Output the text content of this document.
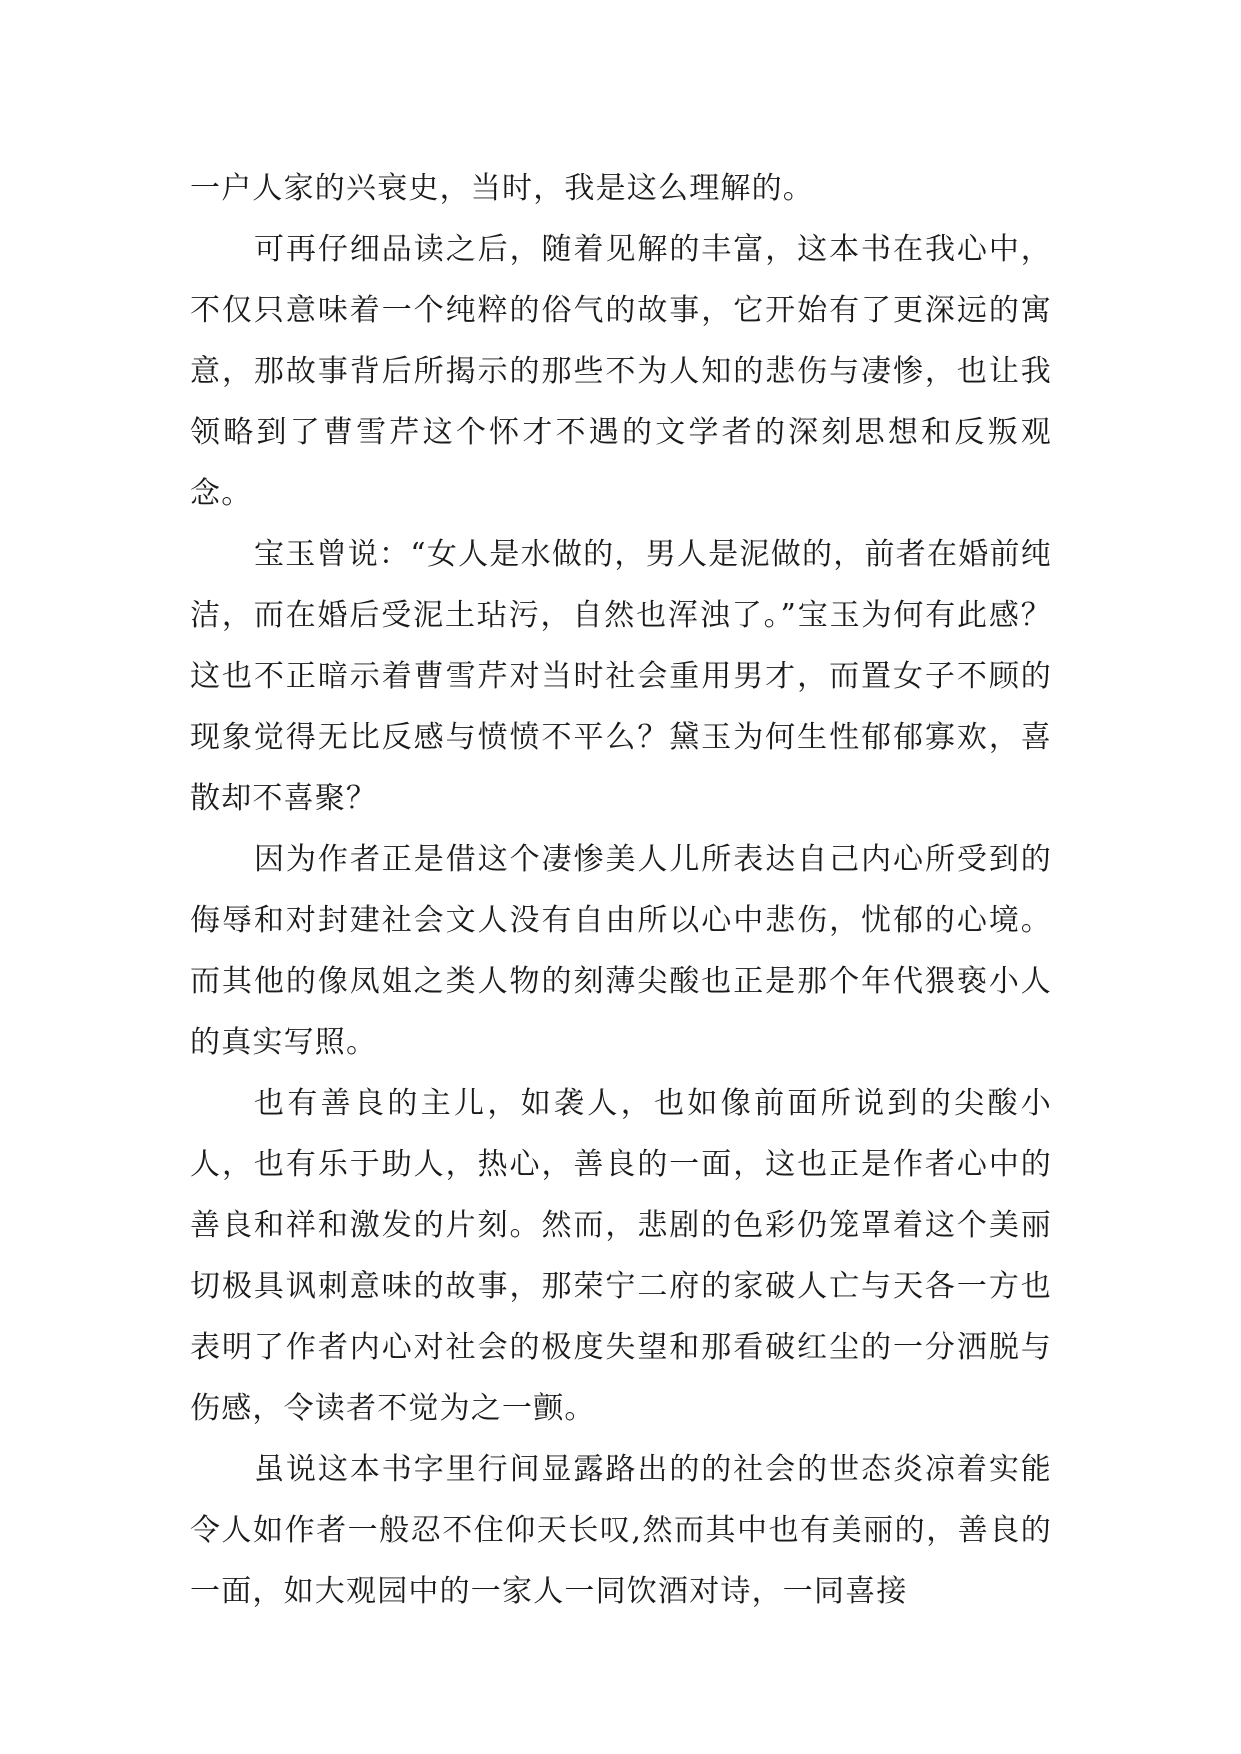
一户人家的兴衰史，当时，我是这么理解的。

可再仔细品读之后，随着见解的丰富，这本书在我心中，不仅只意味着一个纯粹的俗气的故事，它开始有了更深远的寓意，那故事背后所揭示的那些不为人知的悲伤与凄惨，也让我领略到了曹雪芹这个怀才不遇的文学者的深刻思想和反叛观念。

宝玉曾说：“女人是水做的，男人是泥做的，前者在婚前纯洁，而在婚后受泥土玷污，自然也浑浊了。”宝玉为何有此感？这也不正暗示着曹雪芹对当时社会重用男才，而置女子不顾的现象觉得无比反感与愤愤不平么？黛玉为何生性郁郁寡欢，喜散却不喜聚？

因为作者正是借这个凄惨美人儿所表达自己内心所受到的侮辱和对封建社会文人没有自由所以心中悲伤，忧郁的心境。而其他的像凤姐之类人物的刻薄尖酸也正是那个年代猥亵小人的真实写照。

也有善良的主儿，如袭人，也如像前面所说到的尖酸小人，也有乐于助人，热心，善良的一面，这也正是作者心中的善良和祥和激发的片刻。然而，悲剧的色彩仍笼罩着这个美丽切极具讽刺意味的故事，那荣宁二府的家破人亡与天各一方也表明了作者内心对社会的极度失望和那看破红尘的一分洒脱与伤感，令读者不觉为之一颤。

虽说这本书字里行间显露路出的的社会的世态炎凉着实能令人如作者一般忍不住仰天长叹,然而其中也有美丽的，善良的一面，如大观园中的一家人一同饮酒对诗，一同喜接
